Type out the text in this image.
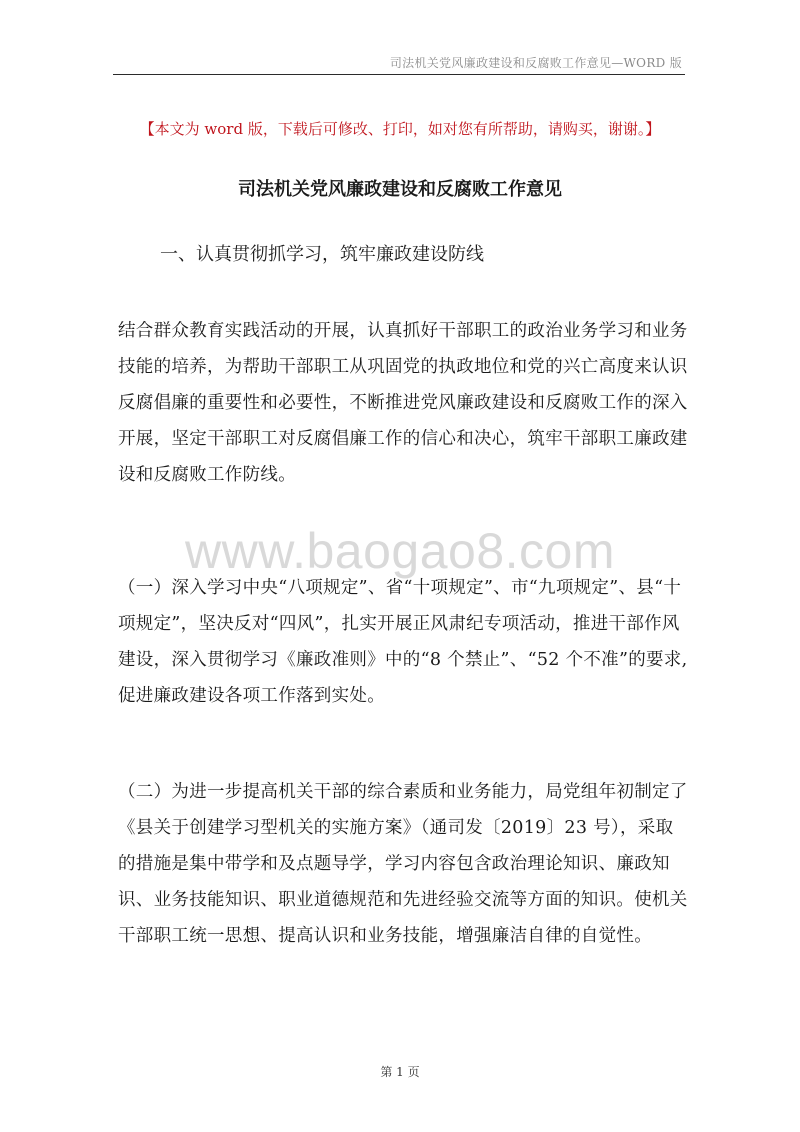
司法机关党风廉政建设和反腐败工作意见—WORD 版
【本文为 word 版，下载后可修改、打印，如对您有所帮助，请购买，谢谢。】
司法机关党风廉政建设和反腐败工作意见
一、认真贯彻抓学习，筑牢廉政建设防线

结合群众教育实践活动的开展，认真抓好干部职工的政治业务学习和业务技能的培养，为帮助干部职工从巩固党的执政地位和党的兴亡高度来认识反腐倡廉的重要性和必要性，不断推进党风廉政建设和反腐败工作的深入开展，坚定干部职工对反腐倡廉工作的信心和决心，筑牢干部职工廉政建设和反腐败工作防线。

www.baogao8.com

（一）深入学习中央“八项规定”、省“十项规定”、市“九项规定”、县“十项规定”，坚决反对“四风”，扎实开展正风肃纪专项活动，推进干部作风建设，深入贯彻学习《廉政准则》中的“8 个禁止”、“52 个不准”的要求,促进廉政建设各项工作落到实处。

（二）为进一步提高机关干部的综合素质和业务能力，局党组年初制定了《县关于创建学习型机关的实施方案》（通司发〔2019〕23 号），采取的措施是集中带学和及点题导学，学习内容包含政治理论知识、廉政知识、业务技能知识、职业道德规范和先进经验交流等方面的知识。使机关干部职工统一思想、提高认识和业务技能，增强廉洁自律的自觉性。

第 1 页
